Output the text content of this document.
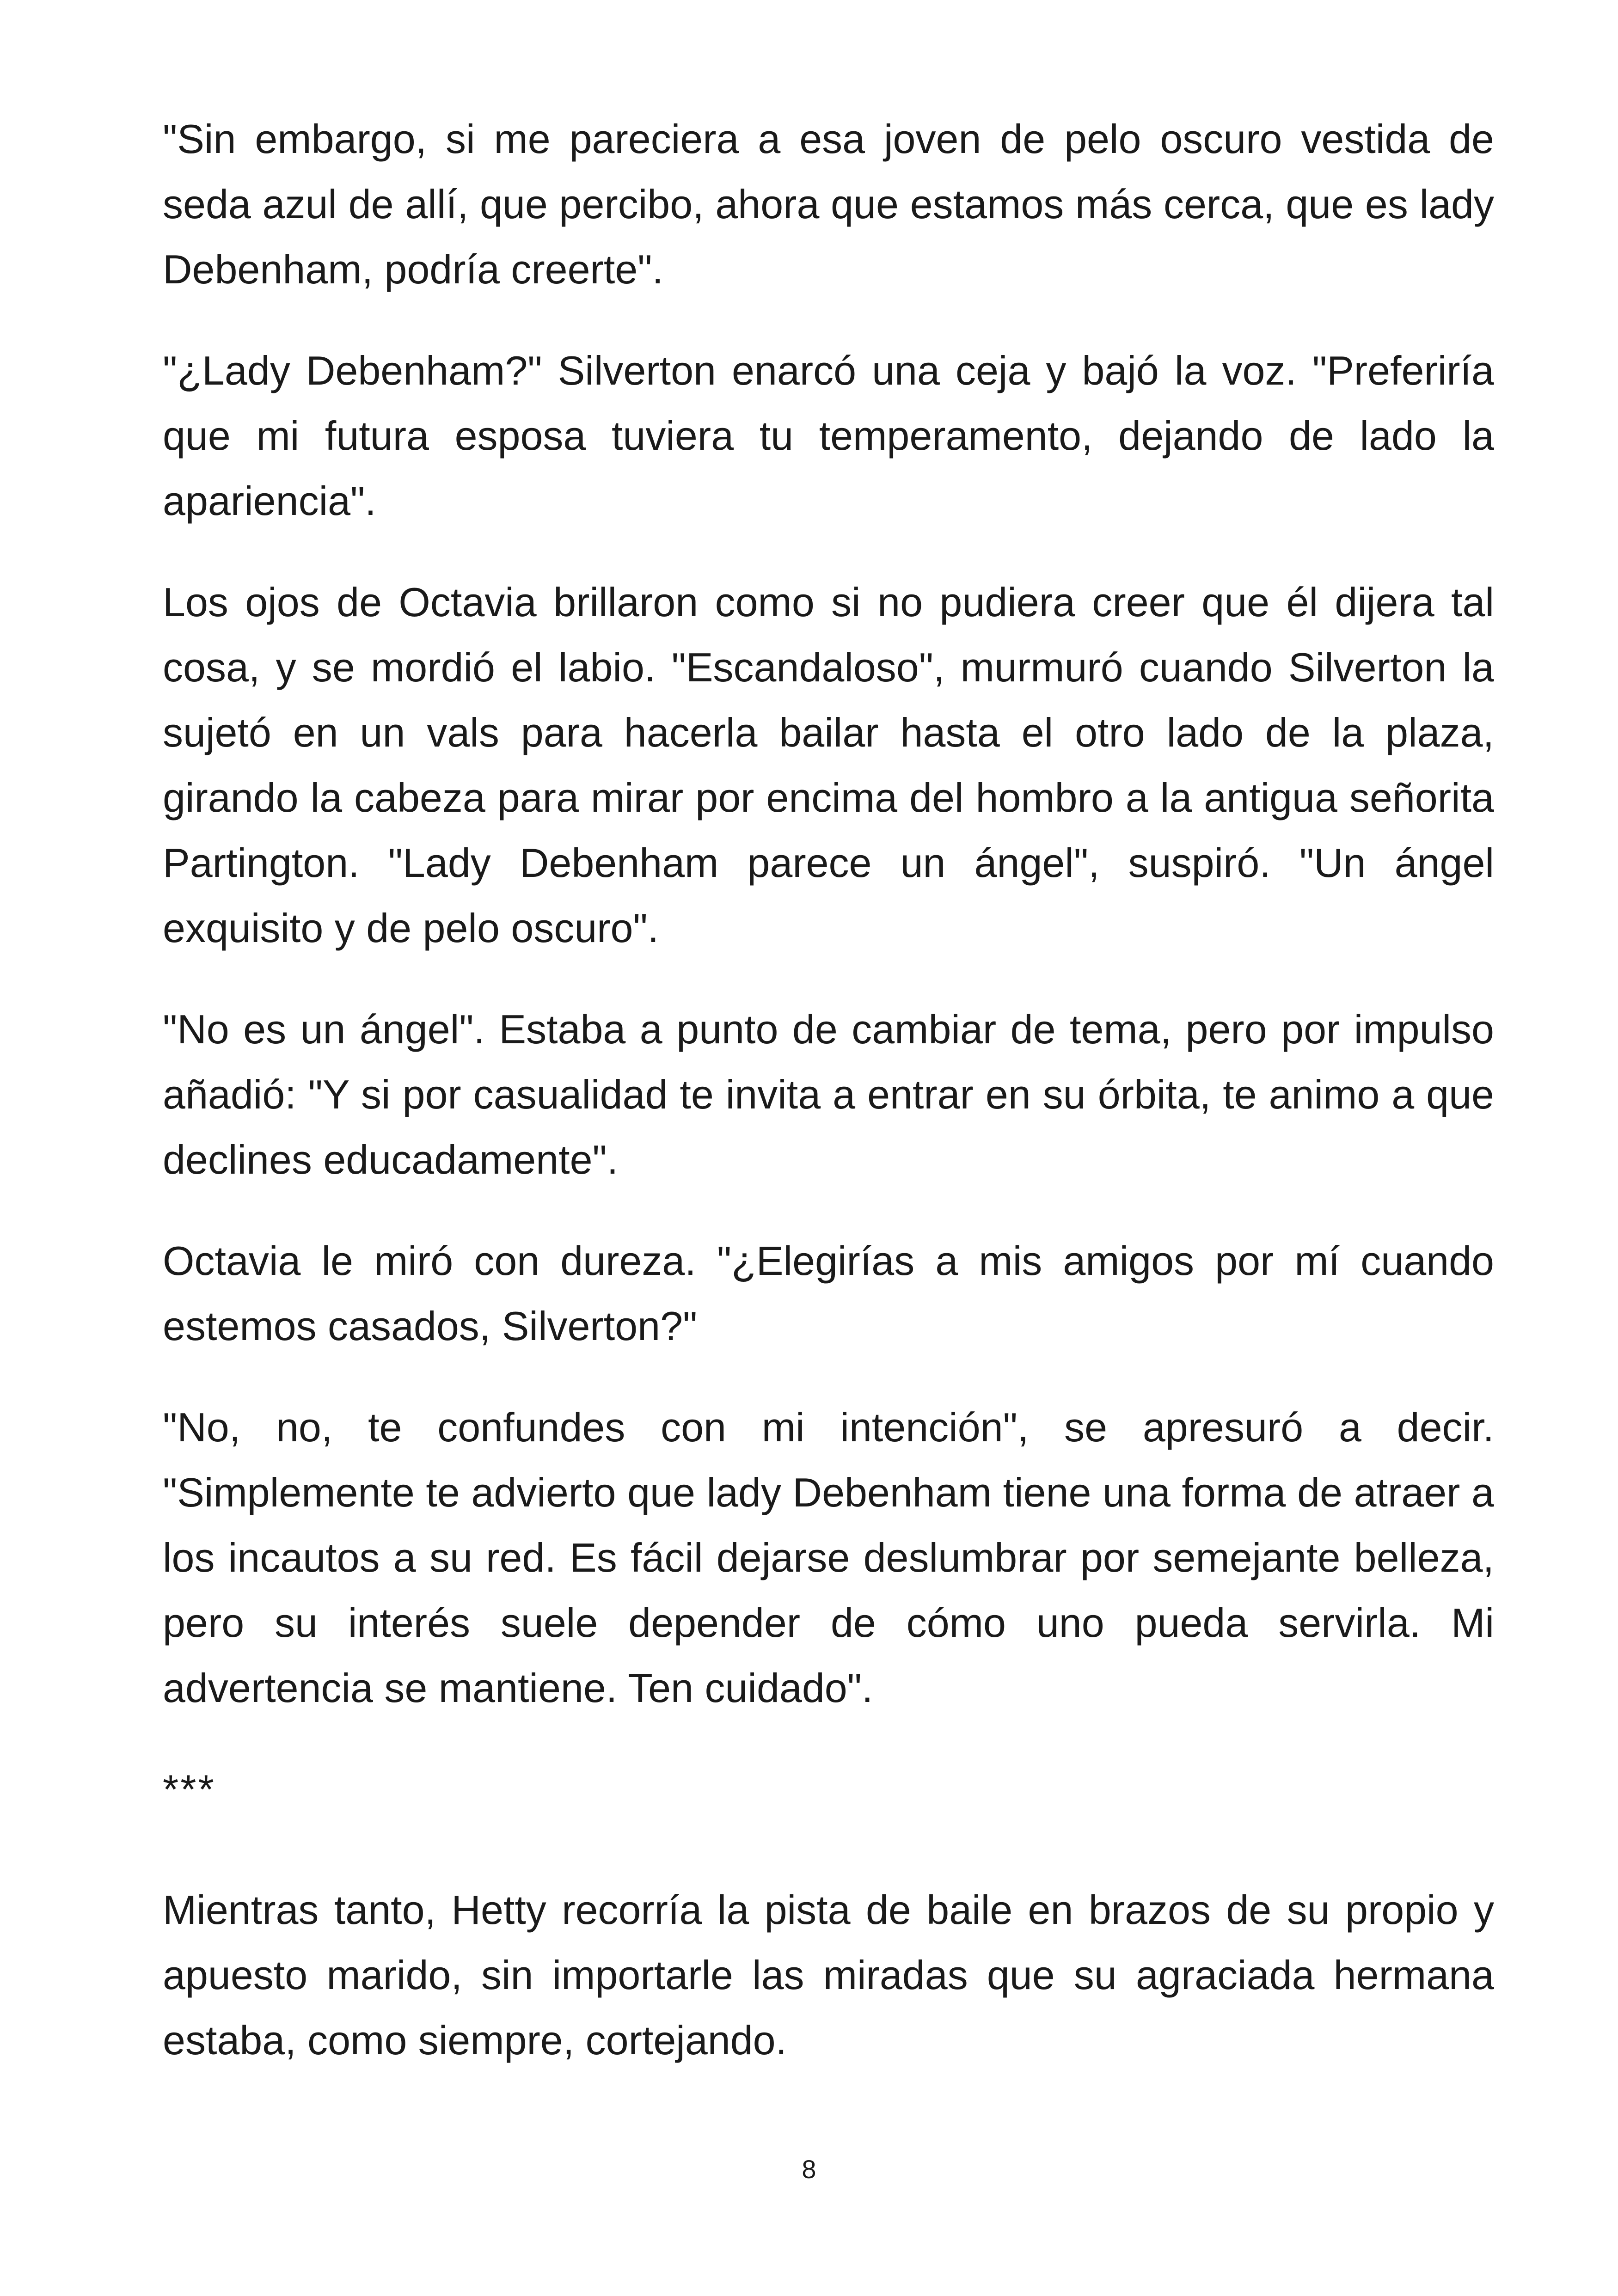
"Sin embargo, si me pareciera a esa joven de pelo oscuro vestida de seda azul de allí, que percibo, ahora que estamos más cerca, que es lady Debenham, podría creerte".

"¿Lady Debenham?" Silverton enarcó una ceja y bajó la voz. "Preferiría que mi futura esposa tuviera tu temperamento, dejando de lado la apariencia".

Los ojos de Octavia brillaron como si no pudiera creer que él dijera tal cosa, y se mordió el labio. "Escandaloso", murmuró cuando Silverton la sujetó en un vals para hacerla bailar hasta el otro lado de la plaza, girando la cabeza para mirar por encima del hombro a la antigua señorita Partington. "Lady Debenham parece un ángel", suspiró. "Un ángel exquisito y de pelo oscuro".

"No es un ángel". Estaba a punto de cambiar de tema, pero por impulso añadió: "Y si por casualidad te invita a entrar en su órbita, te animo a que declines educadamente".

Octavia le miró con dureza. "¿Elegirías a mis amigos por mí cuando estemos casados, Silverton?"

"No, no, te confundes con mi intención", se apresuró a decir. "Simplemente te advierto que lady Debenham tiene una forma de atraer a los incautos a su red. Es fácil dejarse deslumbrar por semejante belleza, pero su interés suele depender de cómo uno pueda servirla. Mi advertencia se mantiene. Ten cuidado".

***

Mientras tanto, Hetty recorría la pista de baile en brazos de su propio y apuesto marido, sin importarle las miradas que su agraciada hermana estaba, como siempre, cortejando.

8
